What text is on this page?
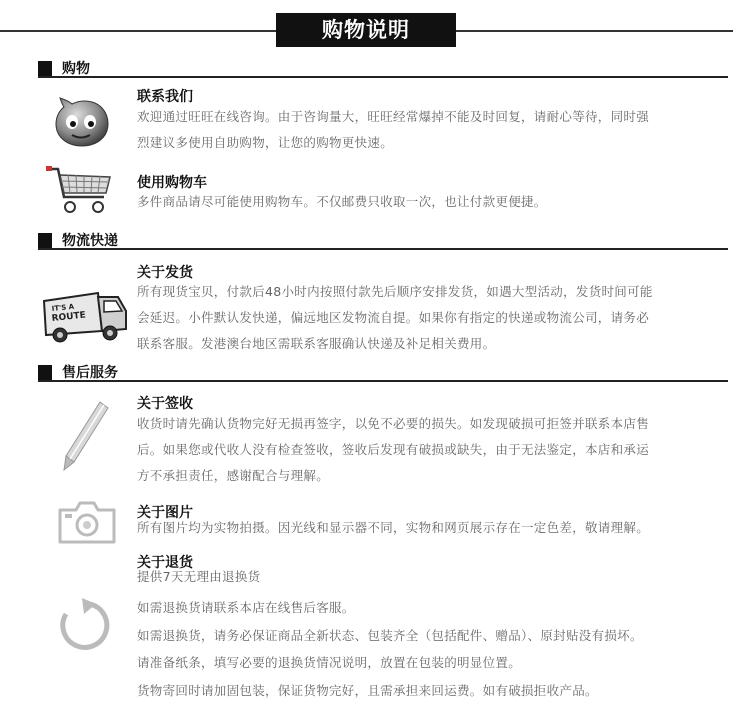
购物说明
购物
联系我们
欢迎通过旺旺在线咨询。由于咨询量大，旺旺经常爆掉不能及时回复，请耐心等待，同时强
烈建议多使用自助购物，让您的购物更快速。
使用购物车
多件商品请尽可能使用购物车。不仅邮费只收取一次，也让付款更便捷。
物流快递
IT'S A
ROUTE
关于发货
所有现货宝贝，付款后48小时内按照付款先后顺序安排发货，如遇大型活动，发货时间可能
会延迟。小件默认发快递，偏远地区发物流自提。如果你有指定的快递或物流公司，请务必
联系客服。发港澳台地区需联系客服确认快递及补足相关费用。
售后服务
关于签收
收货时请先确认货物完好无损再签字，以免不必要的损失。如发现破损可拒签并联系本店售
后。如果您或代收人没有检查签收，签收后发现有破损或缺失，由于无法鉴定，本店和承运
方不承担责任，感谢配合与理解。
关于图片
所有图片均为实物拍摄。因光线和显示器不同，实物和网页展示存在一定色差，敬请理解。
关于退货
提供7天无理由退换货
如需退换货请联系本店在线售后客服。
如需退换货，请务必保证商品全新状态、包装齐全（包括配件、赠品）、原封贴没有损坏。
请准备纸条，填写必要的退换货情况说明，放置在包装的明显位置。
货物寄回时请加固包装，保证货物完好，且需承担来回运费。如有破损拒收产品。
